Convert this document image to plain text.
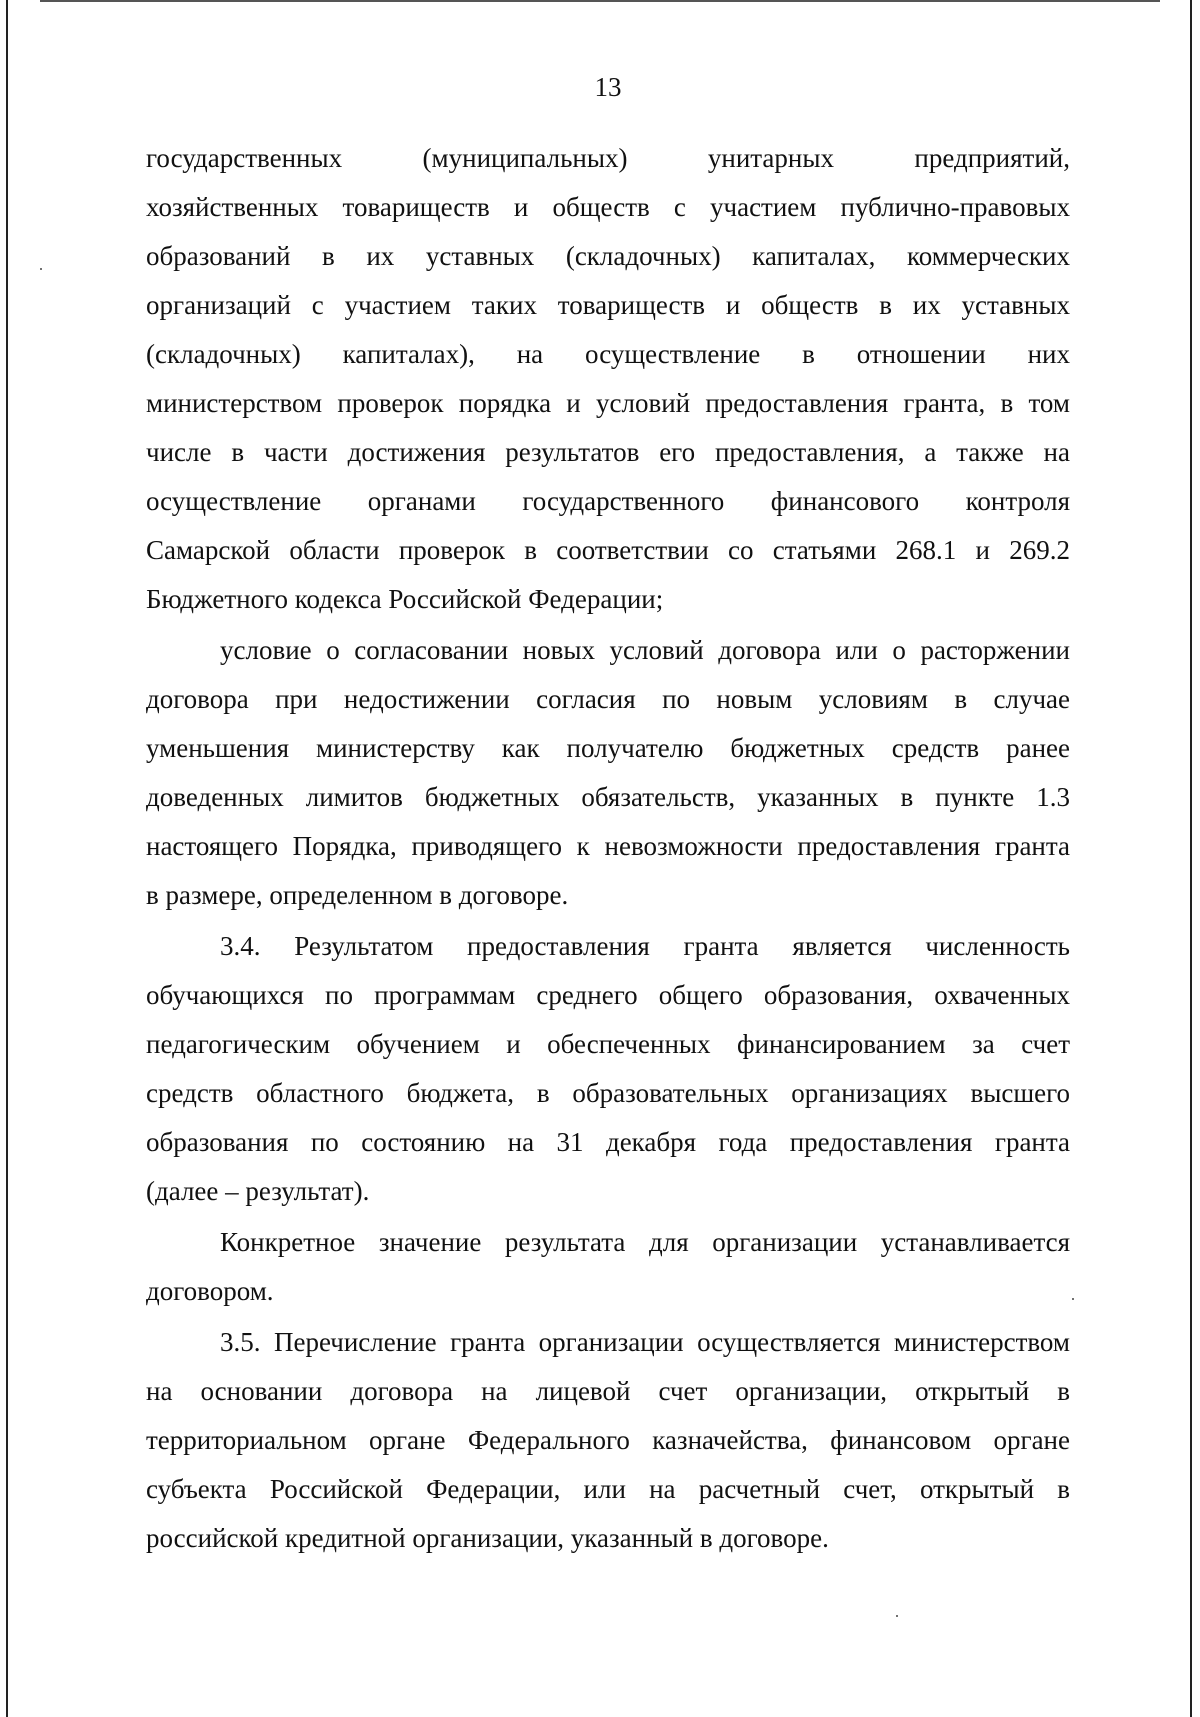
13
государственных (муниципальных) унитарных предприятий,
хозяйственных товариществ и обществ с участием публично-правовых
образований в их уставных (складочных) капиталах, коммерческих
организаций с участием таких товариществ и обществ в их уставных
(складочных) капиталах), на осуществление в отношении них
министерством проверок порядка и условий предоставления гранта, в том
числе в части достижения результатов его предоставления, а также на
осуществление органами государственного финансового контроля
Самарской области проверок в соответствии со статьями 268.1 и 269.2
Бюджетного кодекса Российской Федерации;
условие о согласовании новых условий договора или о расторжении
договора при недостижении согласия по новым условиям в случае
уменьшения министерству как получателю бюджетных средств ранее
доведенных лимитов бюджетных обязательств, указанных в пункте 1.3
настоящего Порядка, приводящего к невозможности предоставления гранта
в размере, определенном в договоре.
3.4. Результатом предоставления гранта является численность
обучающихся по программам среднего общего образования, охваченных
педагогическим обучением и обеспеченных финансированием за счет
средств областного бюджета, в образовательных организациях высшего
образования по состоянию на 31 декабря года предоставления гранта
(далее – результат).
Конкретное значение результата для организации устанавливается
договором.
3.5. Перечисление гранта организации осуществляется министерством
на основании договора на лицевой счет организации, открытый в
территориальном органе Федерального казначейства, финансовом органе
субъекта Российской Федерации, или на расчетный счет, открытый в
российской кредитной организации, указанный в договоре.
